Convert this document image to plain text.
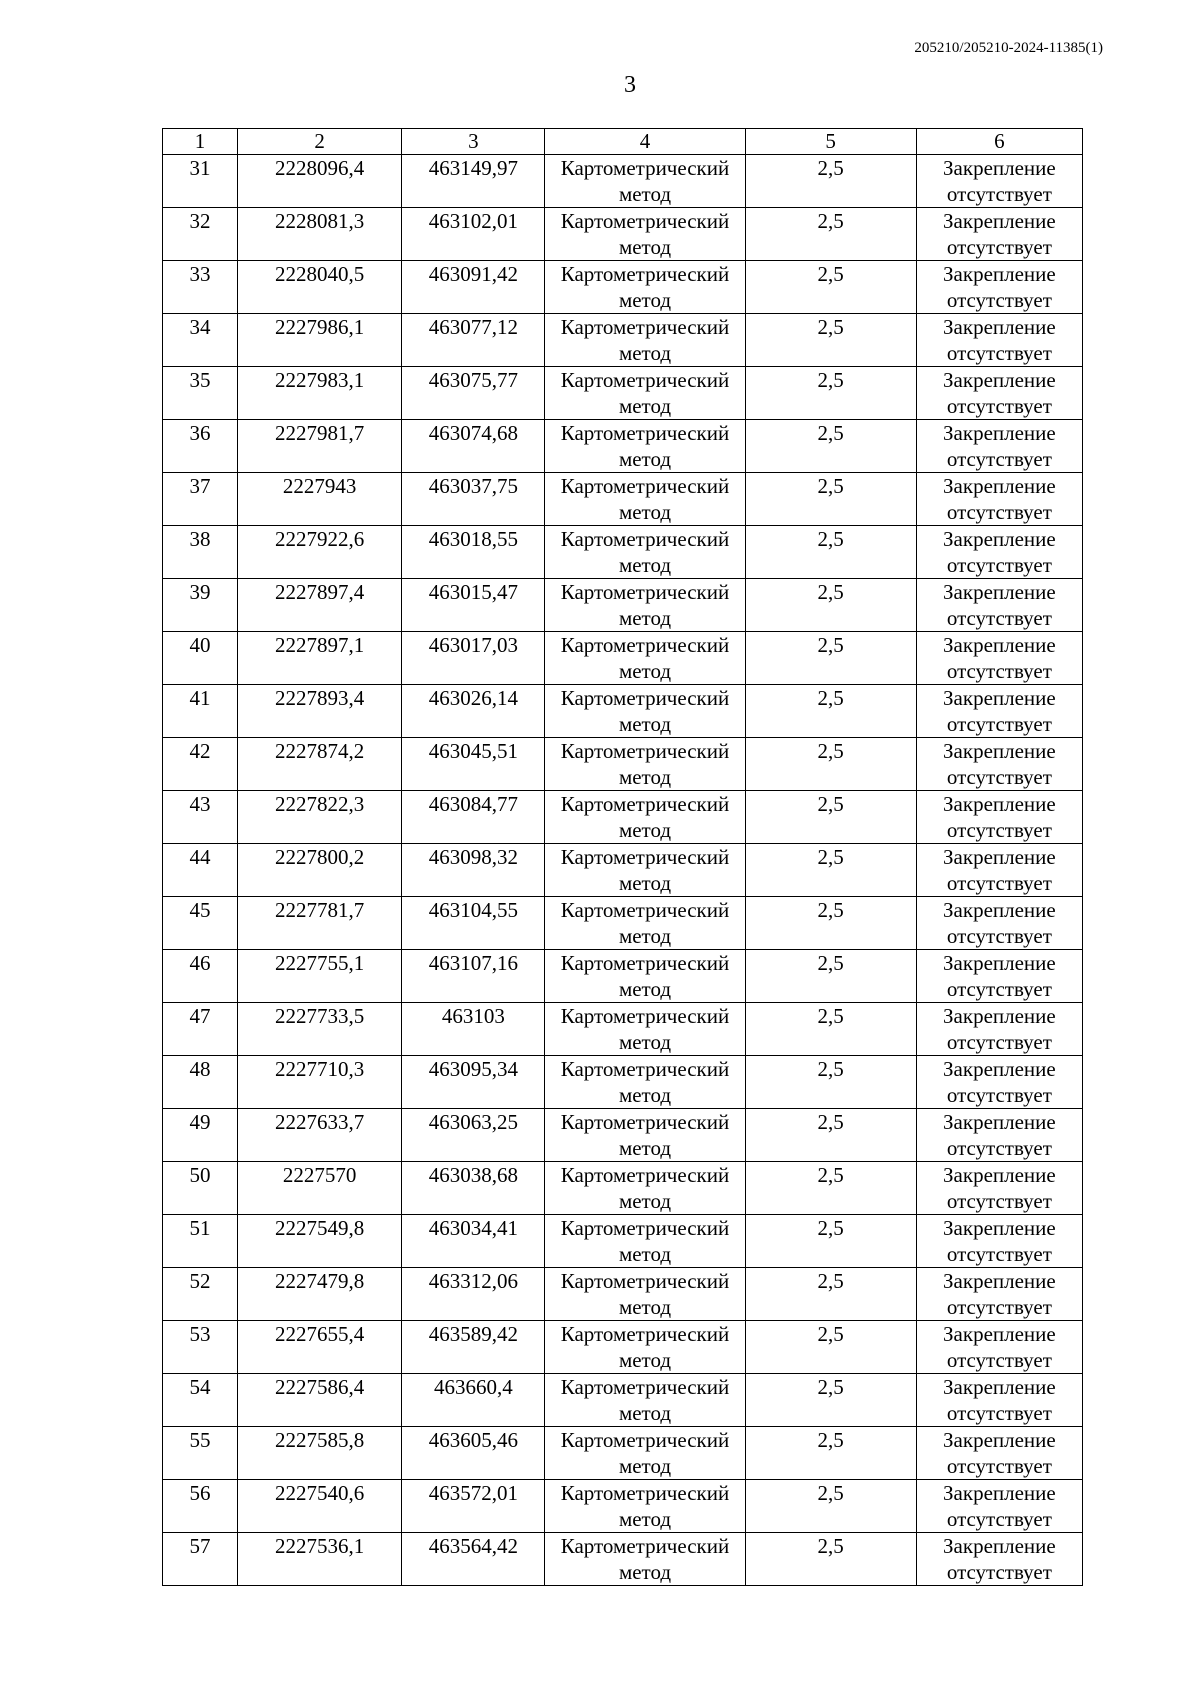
205210/205210-2024-11385(1)
3
1	2	3	4	5	6
31	2228096,4	463149,97	Картометрический метод	2,5	Закрепление отсутствует
32	2228081,3	463102,01	Картометрический метод	2,5	Закрепление отсутствует
33	2228040,5	463091,42	Картометрический метод	2,5	Закрепление отсутствует
34	2227986,1	463077,12	Картометрический метод	2,5	Закрепление отсутствует
35	2227983,1	463075,77	Картометрический метод	2,5	Закрепление отсутствует
36	2227981,7	463074,68	Картометрический метод	2,5	Закрепление отсутствует
37	2227943	463037,75	Картометрический метод	2,5	Закрепление отсутствует
38	2227922,6	463018,55	Картометрический метод	2,5	Закрепление отсутствует
39	2227897,4	463015,47	Картометрический метод	2,5	Закрепление отсутствует
40	2227897,1	463017,03	Картометрический метод	2,5	Закрепление отсутствует
41	2227893,4	463026,14	Картометрический метод	2,5	Закрепление отсутствует
42	2227874,2	463045,51	Картометрический метод	2,5	Закрепление отсутствует
43	2227822,3	463084,77	Картометрический метод	2,5	Закрепление отсутствует
44	2227800,2	463098,32	Картометрический метод	2,5	Закрепление отсутствует
45	2227781,7	463104,55	Картометрический метод	2,5	Закрепление отсутствует
46	2227755,1	463107,16	Картометрический метод	2,5	Закрепление отсутствует
47	2227733,5	463103	Картометрический метод	2,5	Закрепление отсутствует
48	2227710,3	463095,34	Картометрический метод	2,5	Закрепление отсутствует
49	2227633,7	463063,25	Картометрический метод	2,5	Закрепление отсутствует
50	2227570	463038,68	Картометрический метод	2,5	Закрепление отсутствует
51	2227549,8	463034,41	Картометрический метод	2,5	Закрепление отсутствует
52	2227479,8	463312,06	Картометрический метод	2,5	Закрепление отсутствует
53	2227655,4	463589,42	Картометрический метод	2,5	Закрепление отсутствует
54	2227586,4	463660,4	Картометрический метод	2,5	Закрепление отсутствует
55	2227585,8	463605,46	Картометрический метод	2,5	Закрепление отсутствует
56	2227540,6	463572,01	Картометрический метод	2,5	Закрепление отсутствует
57	2227536,1	463564,42	Картометрический метод	2,5	Закрепление отсутствует
